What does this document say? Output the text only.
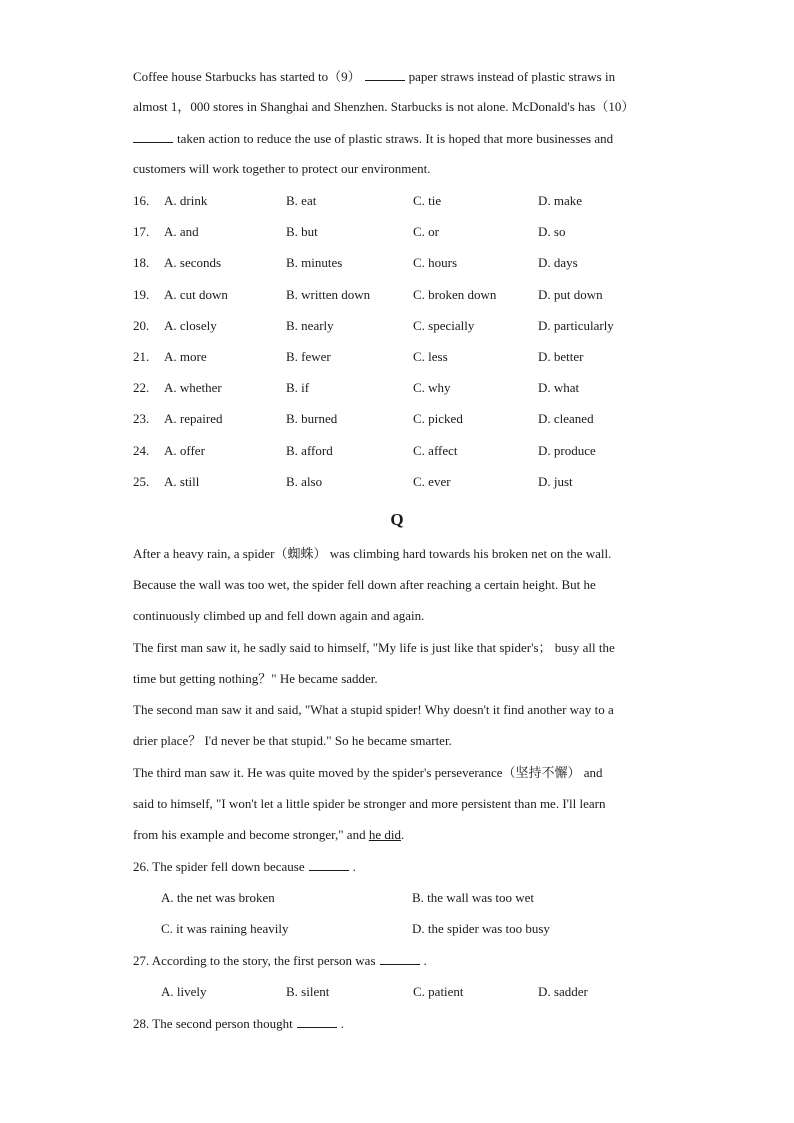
Coffee house Starbucks has started to（9）	paper straws instead of plastic straws in
almost 1，000 stores in Shanghai and Shenzhen. Starbucks is not alone. McDonald's has（10）
taken action to reduce the use of plastic straws. It is hoped that more businesses and
customers will work together to protect our environment.
16. A. drink	B. eat	C. tie	D. make
17. A. and	B. but	C. or	D. so
18. A. seconds	B. minutes	C. hours	D. days
19. A. cut down	B. written down	C. broken down	D. put down
20. A. closely	B. nearly	C. specially	D. particularly
21. A. more	B. fewer	C. less	D. better
22. A. whether	B. if	C. why	D. what
23. A. repaired	B. burned	C. picked	D. cleaned
24. A. offer	B. afford	C. affect	D. produce
25. A. still	B. also	C. ever	D. just
Q
After a heavy rain, a spider（蜘蛛） was climbing hard towards his broken net on the wall.
Because the wall was too wet, the spider fell down after reaching a certain height. But he
continuously climbed up and fell down again and again.
The first man saw it, he sadly said to himself, "My life is just like that spider's； busy all the
time but getting nothing？" He became sadder.
The second man saw it and said, "What a stupid spider! Why doesn't it find another way to a
drier place？ I'd never be that stupid." So he became smarter.
The third man saw it. He was quite moved by the spider's perseverance（坚持不懈） and
said to himself, "I won't let a little spider be stronger and more persistent than me. I'll learn
from his example and become stronger," and he did.
26. The spider fell down because	.
A. the net was broken	B. the wall was too wet
C. it was raining heavily	D. the spider was too busy
27. According to the story, the first person was	.
A. lively	B. silent	C. patient	D. sadder
28. The second person thought	.
